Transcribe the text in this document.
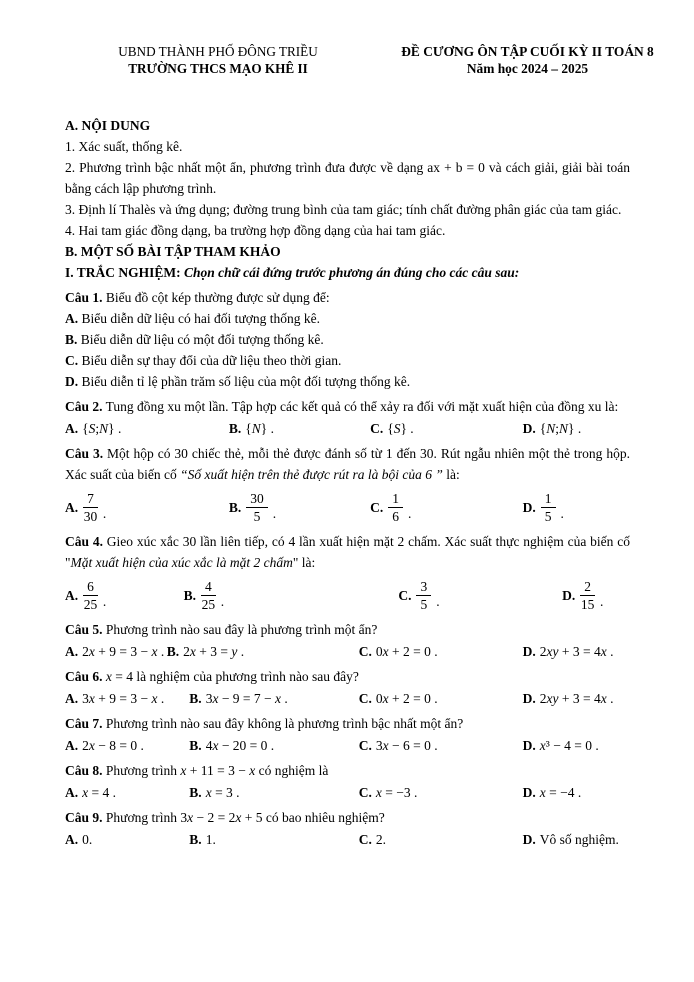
UBND THÀNH PHỐ ĐÔNG TRIỀU
TRƯỜNG THCS MẠO KHÊ II
ĐỀ CƯƠNG ÔN TẬP CUỐI KỲ II TOÁN 8
Năm học 2024 – 2025

A. NỘI DUNG

1. Xác suất, thống kê.

2. Phương trình bậc nhất một ẩn, phương trình đưa được về dạng ax + b = 0 và cách giải, giải bài toán bằng cách lập phương trình.

3. Định lí Thalès và ứng dụng; đường trung bình của tam giác; tính chất đường phân giác của tam giác.

4. Hai tam giác đồng dạng, ba trường hợp đồng dạng của hai tam giác.

B. MỘT SỐ BÀI TẬP THAM KHẢO

I. TRẮC NGHIỆM: Chọn chữ cái đứng trước phương án đúng cho các câu sau:

Câu 1. Biểu đồ cột kép thường được sử dụng để:

A. Biểu diễn dữ liệu có hai đối tượng thống kê.

B. Biểu diễn dữ liệu có một đối tượng thống kê.

C. Biểu diễn sự thay đổi của dữ liệu theo thời gian.

D. Biểu diễn tỉ lệ phần trăm số liệu của một đối tượng thống kê.

Câu 2. Tung đồng xu một lần. Tập hợp các kết quả có thể xảy ra đối với mặt xuất hiện của đồng xu là:

A. {S;N} .	B. {N} .	C. {S} .	D. {N;N} .

Câu 3. Một hộp có 30 chiếc thẻ, mỗi thẻ được đánh số từ 1 đến 30. Rút ngẫu nhiên một thẻ trong hộp. Xác suất của biến cố “Số xuất hiện trên thẻ được rút ra là bội của 6 ” là:

A. $\frac{7}{30}$ .	B. $\frac{30}{5}$ .	C. $\frac{1}{6}$ .	D. $\frac{1}{5}$ .

Câu 4. Gieo xúc xắc 30 lần liên tiếp, có 4 lần xuất hiện mặt 2 chấm. Xác suất thực nghiệm của biến cố "Mặt xuất hiện của xúc xắc là mặt 2 chấm" là:

A. $\frac{6}{25}$ .	B. $\frac{4}{25}$ .	C. $\frac{3}{5}$ .	D. $\frac{2}{15}$ .

Câu 5. Phương trình nào sau đây là phương trình một ẩn?

A. 2x + 9 = 3 − x . B. 2x + 3 = y .	C. 0x + 2 = 0 .	D. 2xy + 3 = 4x .

Câu 6. x = 4 là nghiệm của phương trình nào sau đây?

A. 3x + 9 = 3 − x . B. 3x − 9 = 7 − x .	C. 0x + 2 = 0 .	D. 2xy + 3 = 4x .

Câu 7. Phương trình nào sau đây không là phương trình bậc nhất một ẩn?

A. 2x − 8 = 0 .	B. 4x − 20 = 0 .	C. 3x − 6 = 0 .	D. x³ − 4 = 0 .

Câu 8. Phương trình x + 11 = 3 − x có nghiệm là

A. x = 4 .	B. x = 3 .	C. x = −3 .	D. x = −4 .

Câu 9. Phương trình 3x − 2 = 2x + 5 có bao nhiêu nghiệm?

A. 0.	B. 1.	C. 2.	D. Vô số nghiệm.
